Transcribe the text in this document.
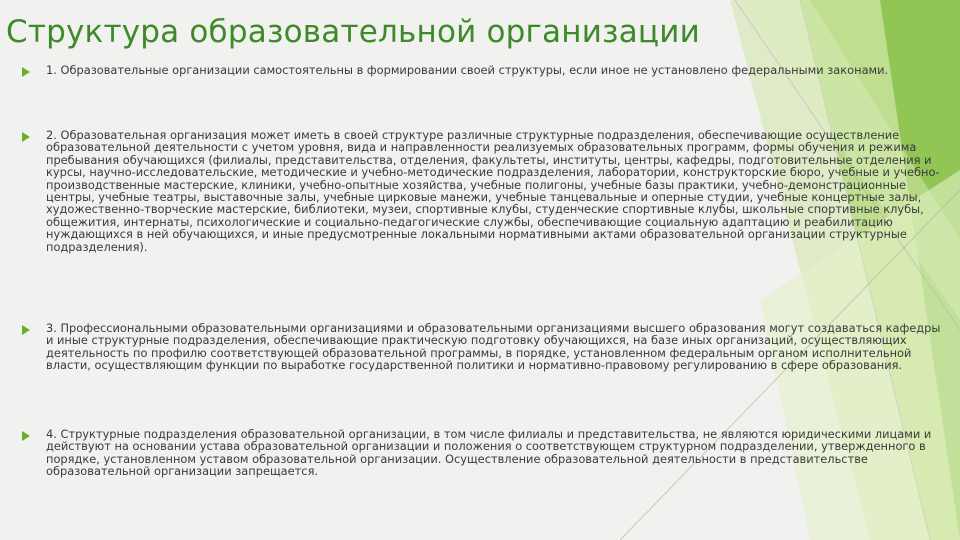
Структура образовательной организации

1. Образовательные организации самостоятельны в формировании своей структуры, если иное не установлено федеральными законами.

2. Образовательная организация может иметь в своей структуре различные структурные подразделения, обеспечивающие осуществление образовательной деятельности с учетом уровня, вида и направленности реализуемых образовательных программ, формы обучения и режима пребывания обучающихся (филиалы, представительства, отделения, факультеты, институты, центры, кафедры, подготовительные отделения и курсы, научно-исследовательские, методические и учебно-методические подразделения, лаборатории, конструкторские бюро, учебные и учебно-производственные мастерские, клиники, учебно-опытные хозяйства, учебные полигоны, учебные базы практики, учебно-демонстрационные центры, учебные театры, выставочные залы, учебные цирковые манежи, учебные танцевальные и оперные студии, учебные концертные залы, художественно-творческие мастерские, библиотеки, музеи, спортивные клубы, студенческие спортивные клубы, школьные спортивные клубы, общежития, интернаты, психологические и социально-педагогические службы, обеспечивающие социальную адаптацию и реабилитацию нуждающихся в ней обучающихся, и иные предусмотренные локальными нормативными актами образовательной организации структурные подразделения).

3. Профессиональными образовательными организациями и образовательными организациями высшего образования могут создаваться кафедры и иные структурные подразделения, обеспечивающие практическую подготовку обучающихся, на базе иных организаций, осуществляющих деятельность по профилю соответствующей образовательной программы, в порядке, установленном федеральным органом исполнительной власти, осуществляющим функции по выработке государственной политики и нормативно-правовому регулированию в сфере образования.

4. Структурные подразделения образовательной организации, в том числе филиалы и представительства, не являются юридическими лицами и действуют на основании устава образовательной организации и положения о соответствующем структурном подразделении, утвержденного в порядке, установленном уставом образовательной организации. Осуществление образовательной деятельности в представительстве образовательной организации запрещается.
